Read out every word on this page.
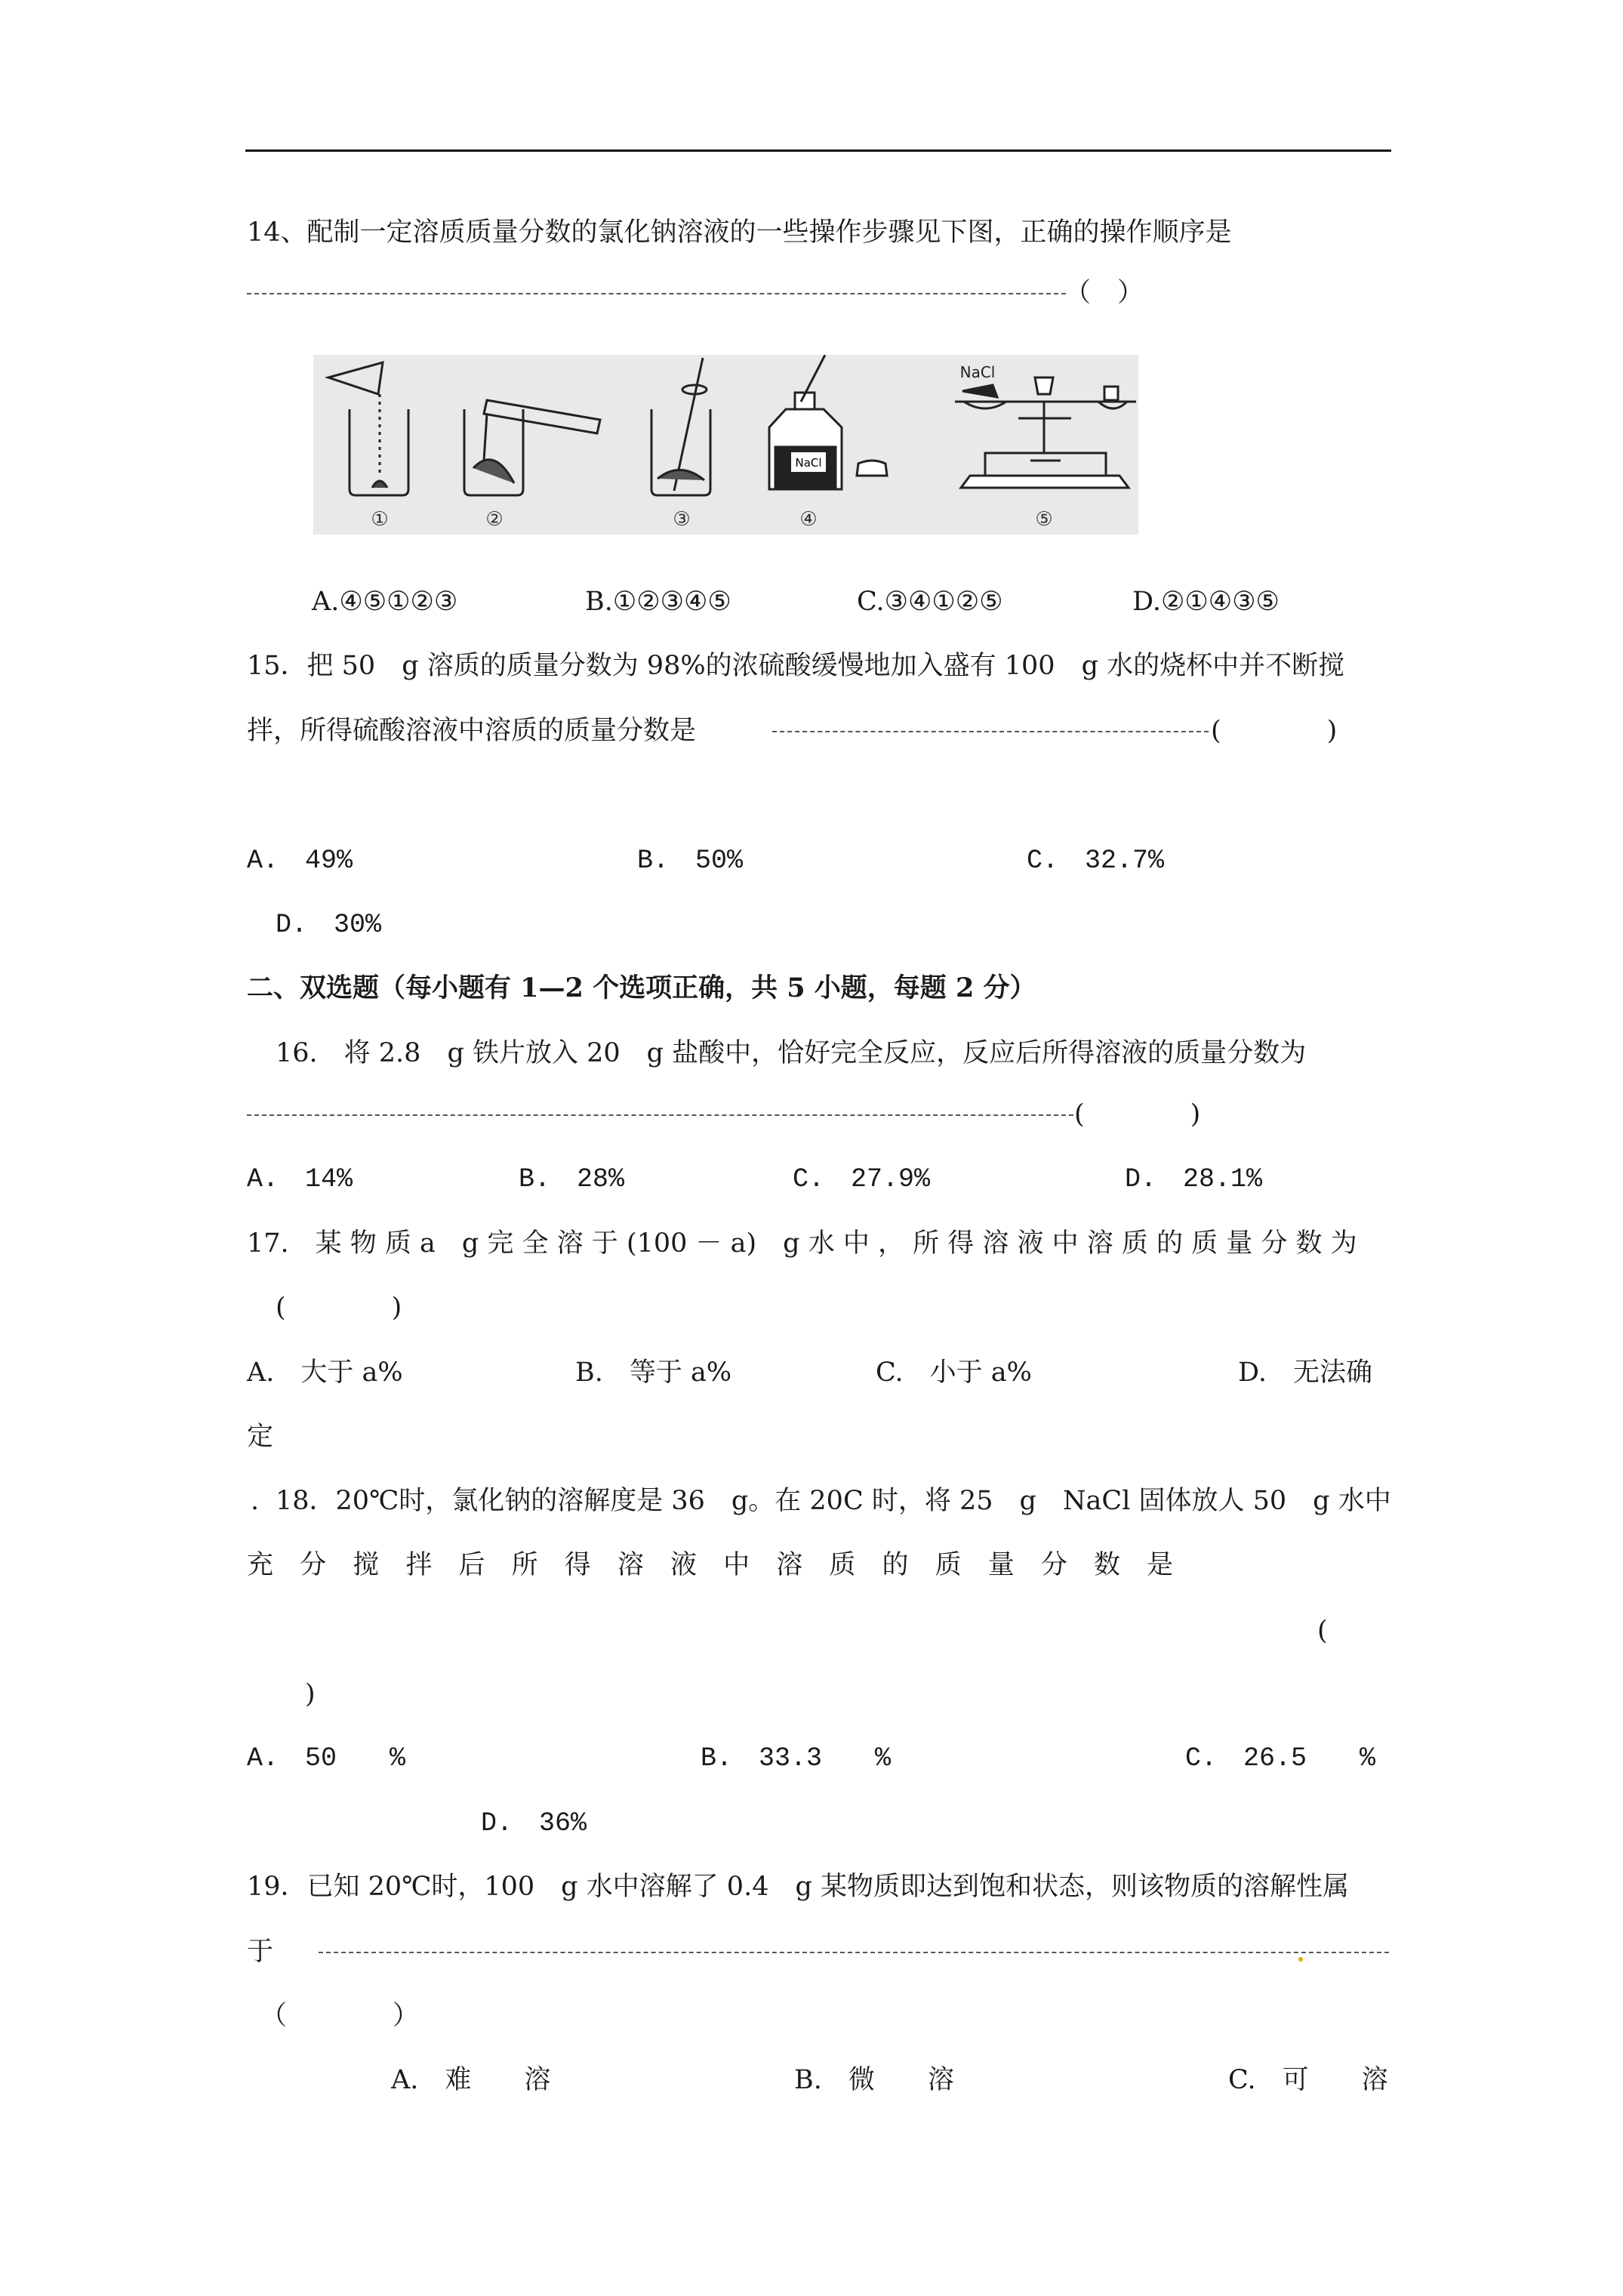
14、配制一定溶质质量分数的氯化钠溶液的一些操作步骤见下图，正确的操作顺序是
（　）
NaCl
NaCl
①	②	③	④	⑤
A.④⑤①②③	B.①②③④⑤	C.③④①②⑤	D.②①④③⑤
15．把 50　g 溶质的质量分数为 98%的浓硫酸缓慢地加入盛有 100　g 水的烧杯中并不断搅
拌，所得硫酸溶液中溶质的质量分数是	(　　　　)
A.　49%	B.　50%	C.　32.7%
D.　30%
二、双选题（每小题有 1—2 个选项正确，共 5 小题，每题 2 分）
16.　将 2.8　g 铁片放入 20　g 盐酸中，恰好完全反应，反应后所得溶液的质量分数为
(　　　　)
A.　14%	B.　28%	C.　27.9%	D.　28.1%
17.　某 物 质 a　g 完 全 溶 于 (100 － a)　g 水 中 ， 所 得 溶 液 中 溶 质 的 质 量 分 数 为
(　　　　)
A.　大于 a%	B.　等于 a%	C.　小于 a%	D.　无法确
定
. 18．20℃时，氯化钠的溶解度是 36　g。在 20C 时，将 25　g　NaCl 固体放人 50　g 水中
充 分 搅 拌 后 所 得 溶 液 中 溶 质 的 质 量 分 数 是
(
)
A.　50　　%	B.　33.3　　%	C.　26.5　　%
D.　36%
19．已知 20℃时，100　g 水中溶解了 0.4　g 某物质即达到饱和状态，则该物质的溶解性属
于
（　　　　）
A.　难　　溶	B.　微　　溶	C.　可　　溶
